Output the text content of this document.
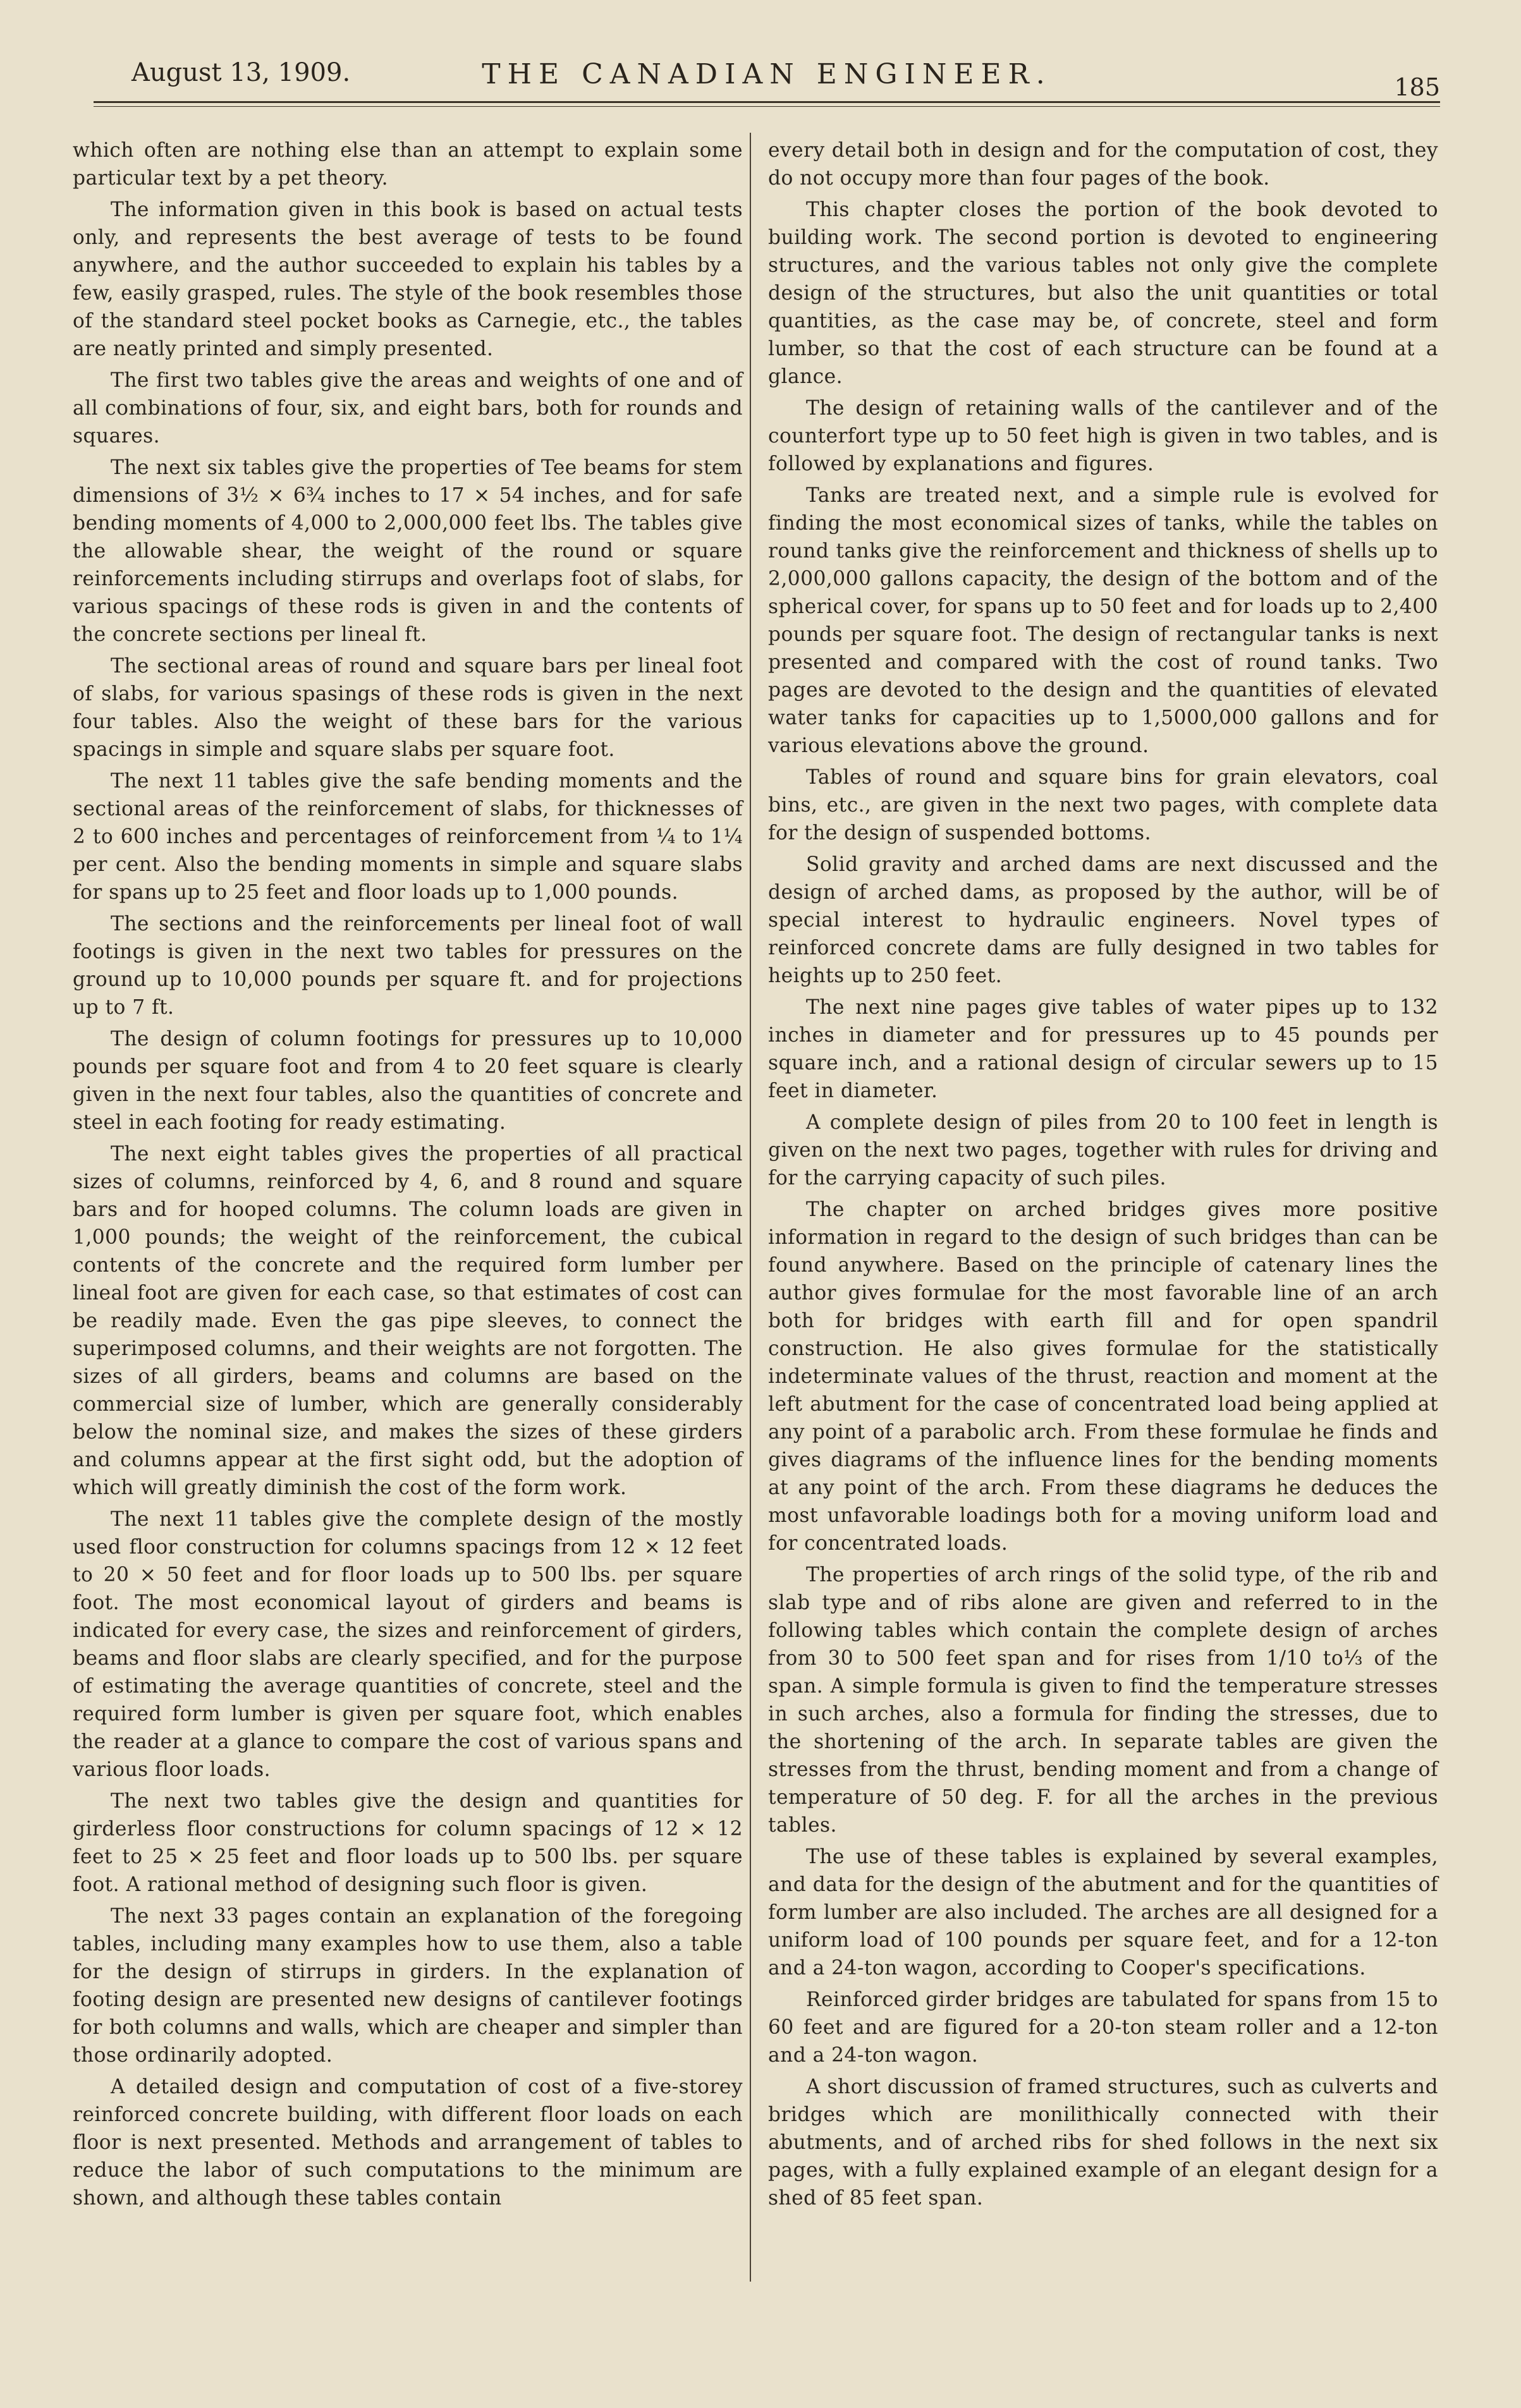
August 13, 1909.	THE CANADIAN ENGINEER.	185

which often are nothing else than an attempt to explain some particular text by a pet theory.

The information given in this book is based on actual tests only, and represents the best average of tests to be found anywhere, and the author succeeded to explain his tables by a few, easily grasped, rules. The style of the book resembles those of the standard steel pocket books as Carnegie, etc., the tables are neatly printed and simply presented.

The first two tables give the areas and weights of one and of all combinations of four, six, and eight bars, both for rounds and squares.

The next six tables give the properties of Tee beams for stem dimensions of 3½ × 6¾ inches to 17 × 54 inches, and for safe bending moments of 4,000 to 2,000,000 feet lbs. The tables give the allowable shear, the weight of the round or square reinforcements including stirrups and overlaps foot of slabs, for various spacings of these rods is given in and the contents of the concrete sections per lineal ft.

The sectional areas of round and square bars per lineal foot of slabs, for various spasings of these rods is given in the next four tables. Also the weight of these bars for the various spacings in simple and square slabs per square foot.

The next 11 tables give the safe bending moments and the sectional areas of the reinforcement of slabs, for thicknesses of 2 to 600 inches and percentages of reinforcement from ¼ to 1¼ per cent. Also the bending moments in simple and square slabs for spans up to 25 feet and floor loads up to 1,000 pounds.

The sections and the reinforcements per lineal foot of wall footings is given in the next two tables for pressures on the ground up to 10,000 pounds per square ft. and for projections up to 7 ft.

The design of column footings for pressures up to 10,000 pounds per square foot and from 4 to 20 feet square is clearly given in the next four tables, also the quantities of concrete and steel in each footing for ready estimating.

The next eight tables gives the properties of all practical sizes of columns, reinforced by 4, 6, and 8 round and square bars and for hooped columns. The column loads are given in 1,000 pounds; the weight of the reinforcement, the cubical contents of the concrete and the required form lumber per lineal foot are given for each case, so that estimates of cost can be readily made. Even the gas pipe sleeves, to connect the superimposed columns, and their weights are not forgotten. The sizes of all girders, beams and columns are based on the commercial size of lumber, which are generally considerably below the nominal size, and makes the sizes of these girders and columns appear at the first sight odd, but the adoption of which will greatly diminish the cost of the form work.

The next 11 tables give the complete design of the mostly used floor construction for columns spacings from 12 × 12 feet to 20 × 50 feet and for floor loads up to 500 lbs. per square foot. The most economical layout of girders and beams is indicated for every case, the sizes and reinforcement of girders, beams and floor slabs are clearly specified, and for the purpose of estimating the average quantities of concrete, steel and the required form lumber is given per square foot, which enables the reader at a glance to compare the cost of various spans and various floor loads.

The next two tables give the design and quantities for girderless floor constructions for column spacings of 12 × 12 feet to 25 × 25 feet and floor loads up to 500 lbs. per square foot. A rational method of designing such floor is given.

The next 33 pages contain an explanation of the foregoing tables, including many examples how to use them, also a table for the design of stirrups in girders. In the explanation of footing design are presented new designs of cantilever footings for both columns and walls, which are cheaper and simpler than those ordinarily adopted.

A detailed design and computation of cost of a five-storey reinforced concrete building, with different floor loads on each floor is next presented. Methods and arrangement of tables to reduce the labor of such computations to the minimum are shown, and although these tables contain

every detail both in design and for the computation of cost, they do not occupy more than four pages of the book.

This chapter closes the portion of the book devoted to building work. The second portion is devoted to engineering structures, and the various tables not only give the complete design of the structures, but also the unit quantities or total quantities, as the case may be, of concrete, steel and form lumber, so that the cost of each structure can be found at a glance.

The design of retaining walls of the cantilever and of the counterfort type up to 50 feet high is given in two tables, and is followed by explanations and figures.

Tanks are treated next, and a simple rule is evolved for finding the most economical sizes of tanks, while the tables on round tanks give the reinforcement and thickness of shells up to 2,000,000 gallons capacity, the design of the bottom and of the spherical cover, for spans up to 50 feet and for loads up to 2,400 pounds per square foot. The design of rectangular tanks is next presented and compared with the cost of round tanks. Two pages are devoted to the design and the quantities of elevated water tanks for capacities up to 1,5000,000 gallons and for various elevations above the ground.

Tables of round and square bins for grain elevators, coal bins, etc., are given in the next two pages, with complete data for the design of suspended bottoms.

Solid gravity and arched dams are next discussed and the design of arched dams, as proposed by the author, will be of special interest to hydraulic engineers. Novel types of reinforced concrete dams are fully designed in two tables for heights up to 250 feet.

The next nine pages give tables of water pipes up to 132 inches in diameter and for pressures up to 45 pounds per square inch, and a rational design of circular sewers up to 15 feet in diameter.

A complete design of piles from 20 to 100 feet in length is given on the next two pages, together with rules for driving and for the carrying capacity of such piles.

The chapter on arched bridges gives more positive information in regard to the design of such bridges than can be found anywhere. Based on the principle of catenary lines the author gives formulae for the most favorable line of an arch both for bridges with earth fill and for open spandril construction. He also gives formulae for the statistically indeterminate values of the thrust, reaction and moment at the left abutment for the case of concentrated load being applied at any point of a parabolic arch. From these formulae he finds and gives diagrams of the influence lines for the bending moments at any point of the arch. From these diagrams he deduces the most unfavorable loadings both for a moving uniform load and for concentrated loads.

The properties of arch rings of the solid type, of the rib and slab type and of ribs alone are given and referred to in the following tables which contain the complete design of arches from 30 to 500 feet span and for rises from 1/10 to⅓ of the span. A simple formula is given to find the temperature stresses in such arches, also a formula for finding the stresses, due to the shortening of the arch. In separate tables are given the stresses from the thrust, bending moment and from a change of temperature of 50 deg. F. for all the arches in the previous tables.

The use of these tables is explained by several examples, and data for the design of the abutment and for the quantities of form lumber are also included. The arches are all designed for a uniform load of 100 pounds per square feet, and for a 12-ton and a 24-ton wagon, according to Cooper's specifications.

Reinforced girder bridges are tabulated for spans from 15 to 60 feet and are figured for a 20-ton steam roller and a 12-ton and a 24-ton wagon.

A short discussion of framed structures, such as culverts and bridges which are monilithically connected with their abutments, and of arched ribs for shed follows in the next six pages, with a fully explained example of an elegant design for a shed of 85 feet span.
